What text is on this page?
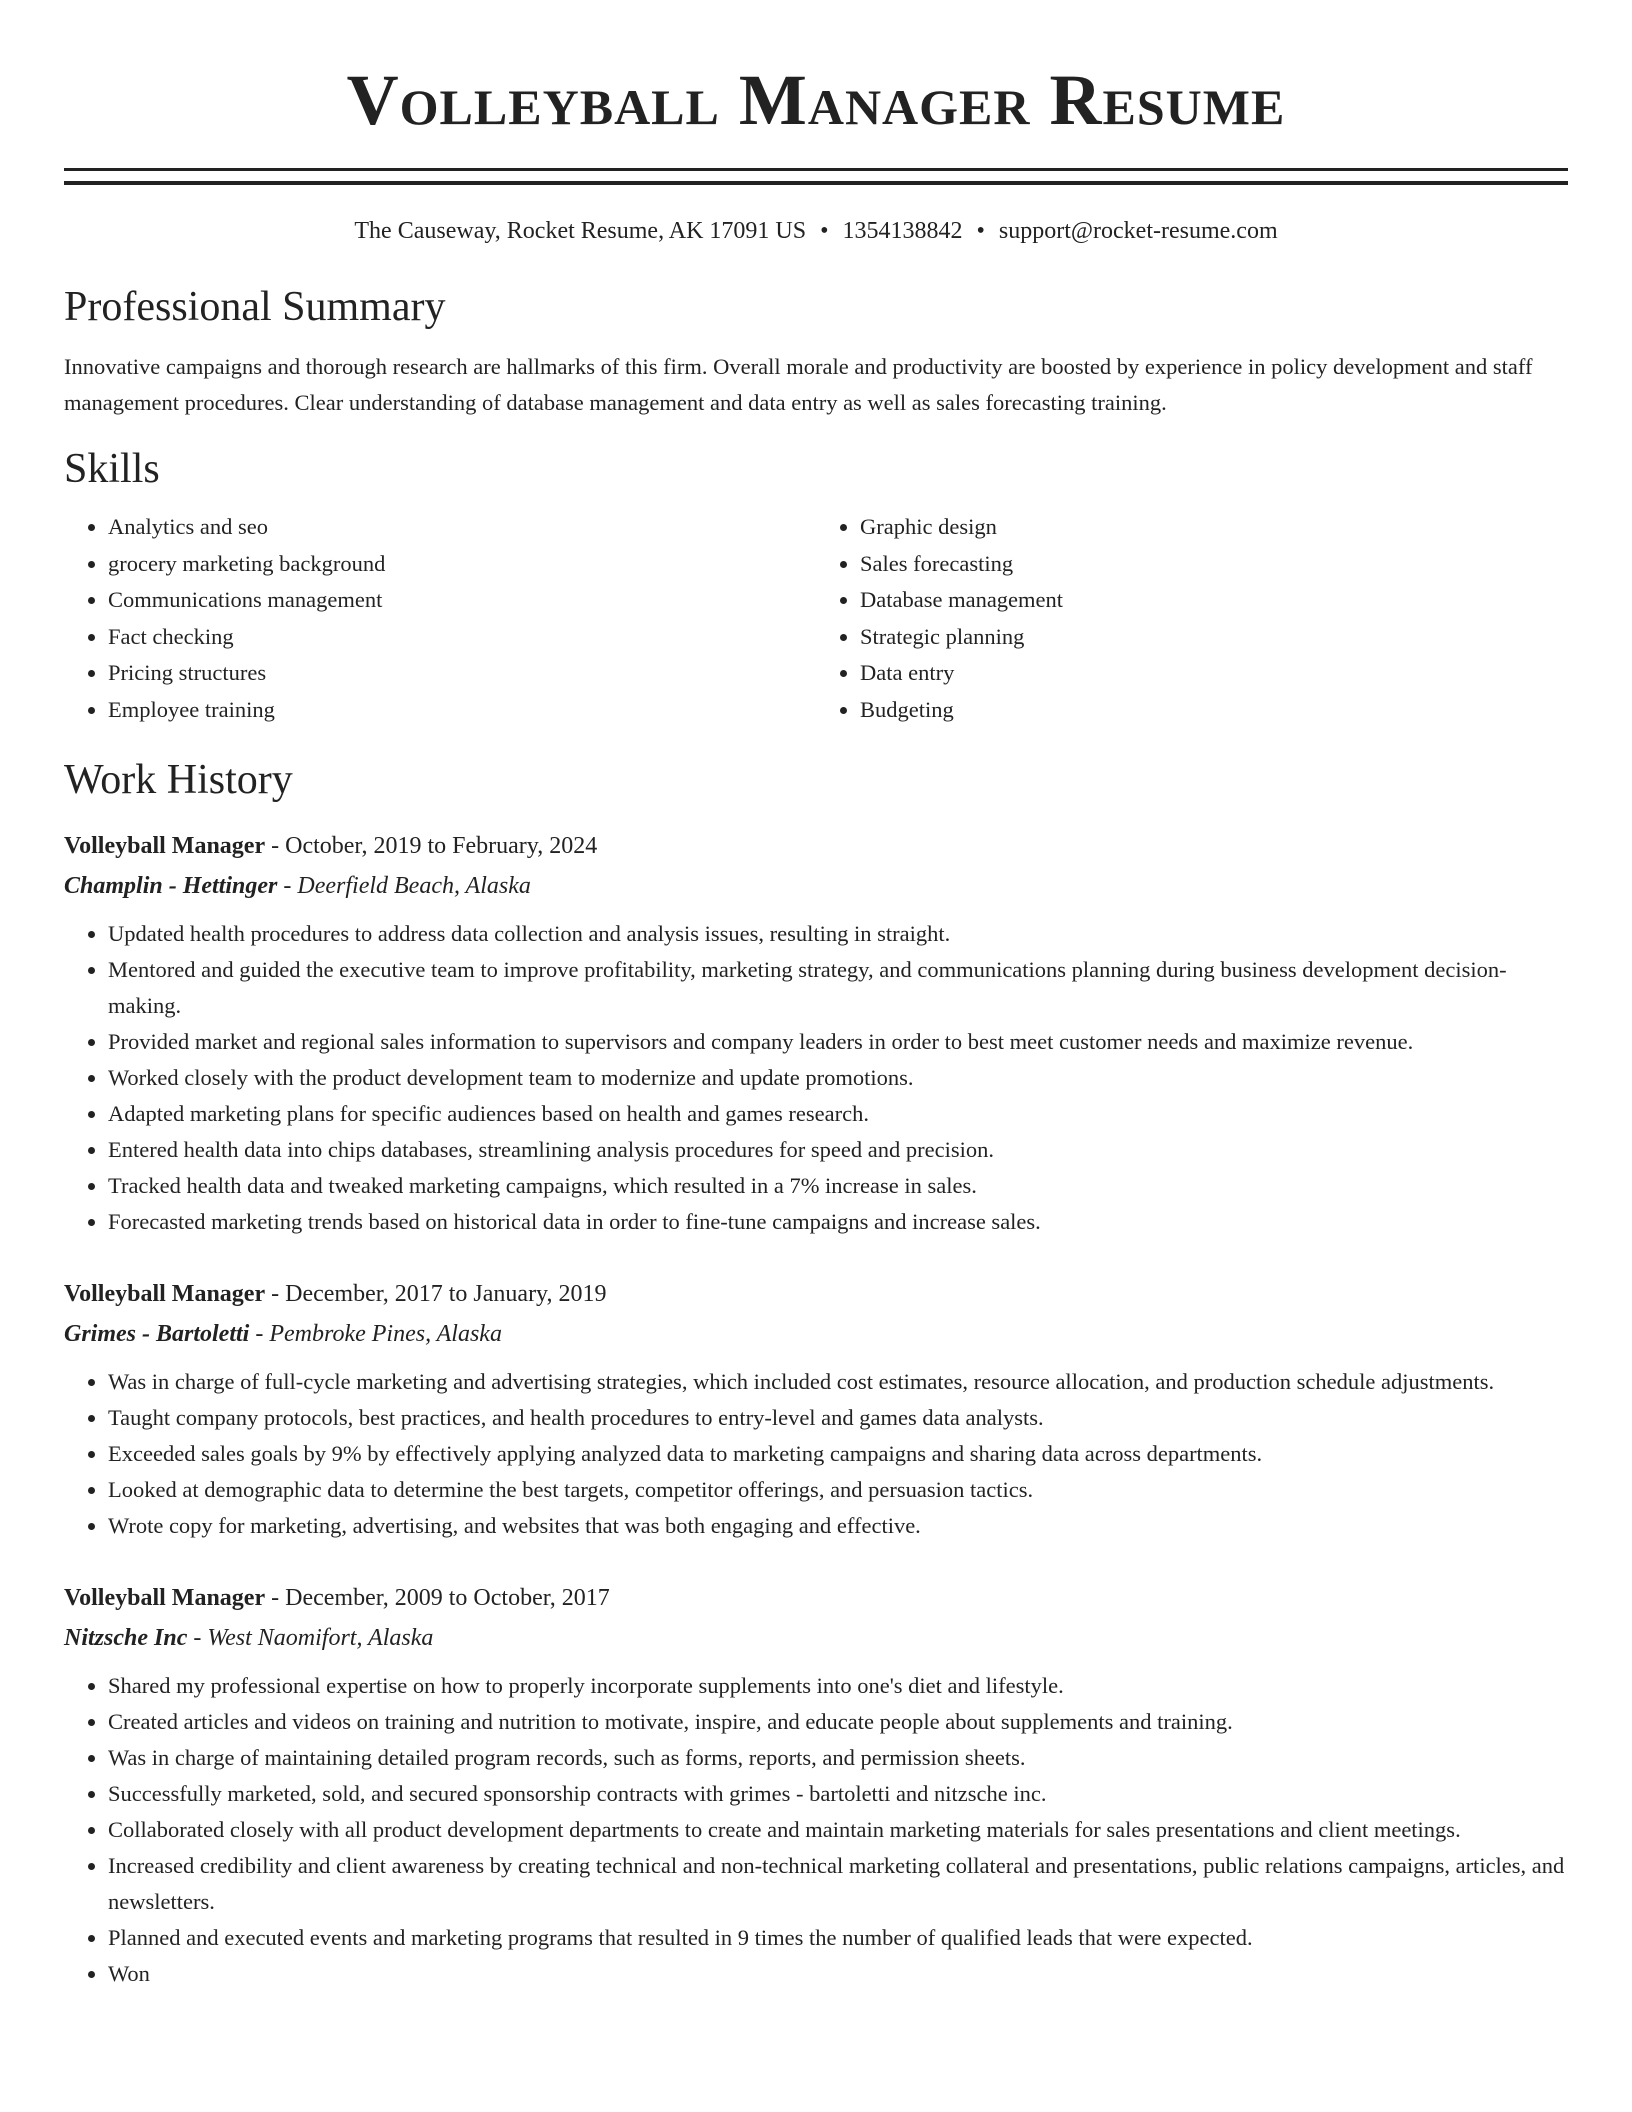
Volleyball Manager Resume
The Causeway, Rocket Resume, AK 17091 US • 1354138842 • support@rocket-resume.com
Professional Summary
Innovative campaigns and thorough research are hallmarks of this firm. Overall morale and productivity are boosted by experience in policy development and staff management procedures. Clear understanding of database management and data entry as well as sales forecasting training.
Skills
• Analytics and seo
• grocery marketing background
• Communications management
• Fact checking
• Pricing structures
• Employee training
• Graphic design
• Sales forecasting
• Database management
• Strategic planning
• Data entry
• Budgeting
Work History
Volleyball Manager - October, 2019 to February, 2024
Champlin - Hettinger - Deerfield Beach, Alaska
• Updated health procedures to address data collection and analysis issues, resulting in straight.
• Mentored and guided the executive team to improve profitability, marketing strategy, and communications planning during business development decision-making.
• Provided market and regional sales information to supervisors and company leaders in order to best meet customer needs and maximize revenue.
• Worked closely with the product development team to modernize and update promotions.
• Adapted marketing plans for specific audiences based on health and games research.
• Entered health data into chips databases, streamlining analysis procedures for speed and precision.
• Tracked health data and tweaked marketing campaigns, which resulted in a 7% increase in sales.
• Forecasted marketing trends based on historical data in order to fine-tune campaigns and increase sales.
Volleyball Manager - December, 2017 to January, 2019
Grimes - Bartoletti - Pembroke Pines, Alaska
• Was in charge of full-cycle marketing and advertising strategies, which included cost estimates, resource allocation, and production schedule adjustments.
• Taught company protocols, best practices, and health procedures to entry-level and games data analysts.
• Exceeded sales goals by 9% by effectively applying analyzed data to marketing campaigns and sharing data across departments.
• Looked at demographic data to determine the best targets, competitor offerings, and persuasion tactics.
• Wrote copy for marketing, advertising, and websites that was both engaging and effective.
Volleyball Manager - December, 2009 to October, 2017
Nitzsche Inc - West Naomifort, Alaska
• Shared my professional expertise on how to properly incorporate supplements into one's diet and lifestyle.
• Created articles and videos on training and nutrition to motivate, inspire, and educate people about supplements and training.
• Was in charge of maintaining detailed program records, such as forms, reports, and permission sheets.
• Successfully marketed, sold, and secured sponsorship contracts with grimes - bartoletti and nitzsche inc.
• Collaborated closely with all product development departments to create and maintain marketing materials for sales presentations and client meetings.
• Increased credibility and client awareness by creating technical and non-technical marketing collateral and presentations, public relations campaigns, articles, and newsletters.
• Planned and executed events and marketing programs that resulted in 9 times the number of qualified leads that were expected.
• Won
